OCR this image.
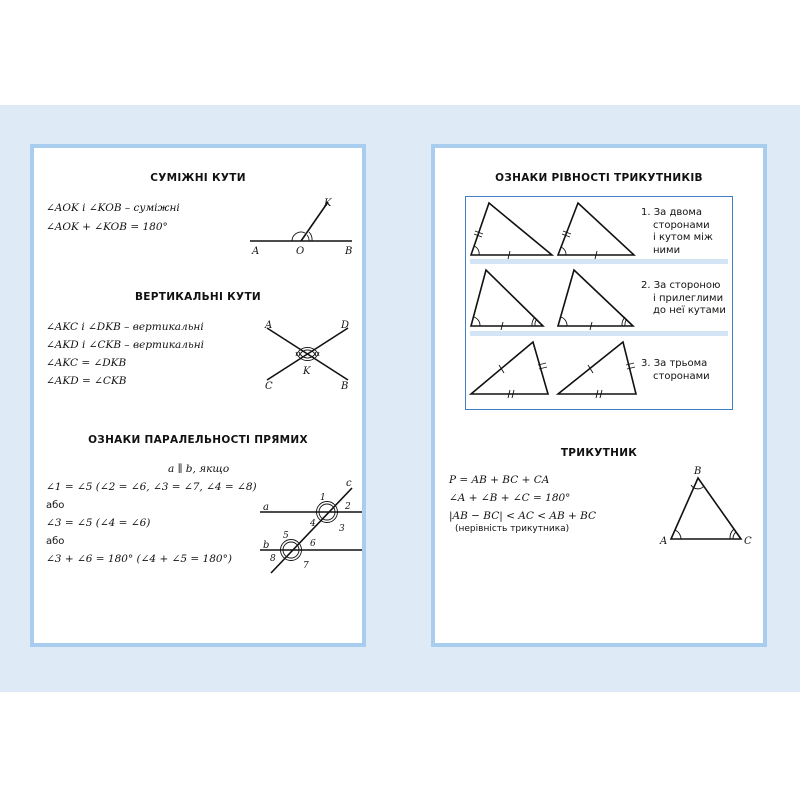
СУМІЖНІ КУТИ
∠AOK і ∠KOB – суміжні
∠AOK + ∠KOB = 180°
A	O	B
K
ВЕРТИКАЛЬНІ КУТИ
∠AKC і ∠DKB – вертикальні
∠AKD і ∠CKB – вертикальні
∠AKC = ∠DKB
∠AKD = ∠CKB
A	D
C	B
K
ОЗНАКИ ПАРАЛЕЛЬНОСТІ ПРЯМИХ
a ∥ b, якщо
∠1 = ∠5 (∠2 = ∠6, ∠3 = ∠7, ∠4 = ∠8)
або
∠3 = ∠5 (∠4 = ∠6)
або
∠3 + ∠6 = 180° (∠4 + ∠5 = 180°)
a
b
c
1
2
3
4
5
6
7
8
ОЗНАКИ РІВНОСТІ ТРИКУТНИКІВ
1. За двома
сторонами
і кутом між
ними
2. За стороною
і прилеглими
до неї кутами
3. За трьома
сторонами
ТРИКУТНИК
P = AB + BC + CA
∠A + ∠B + ∠C = 180°
|AB − BC| < AC < AB + BC
(нерівність трикутника)
A
B
C
